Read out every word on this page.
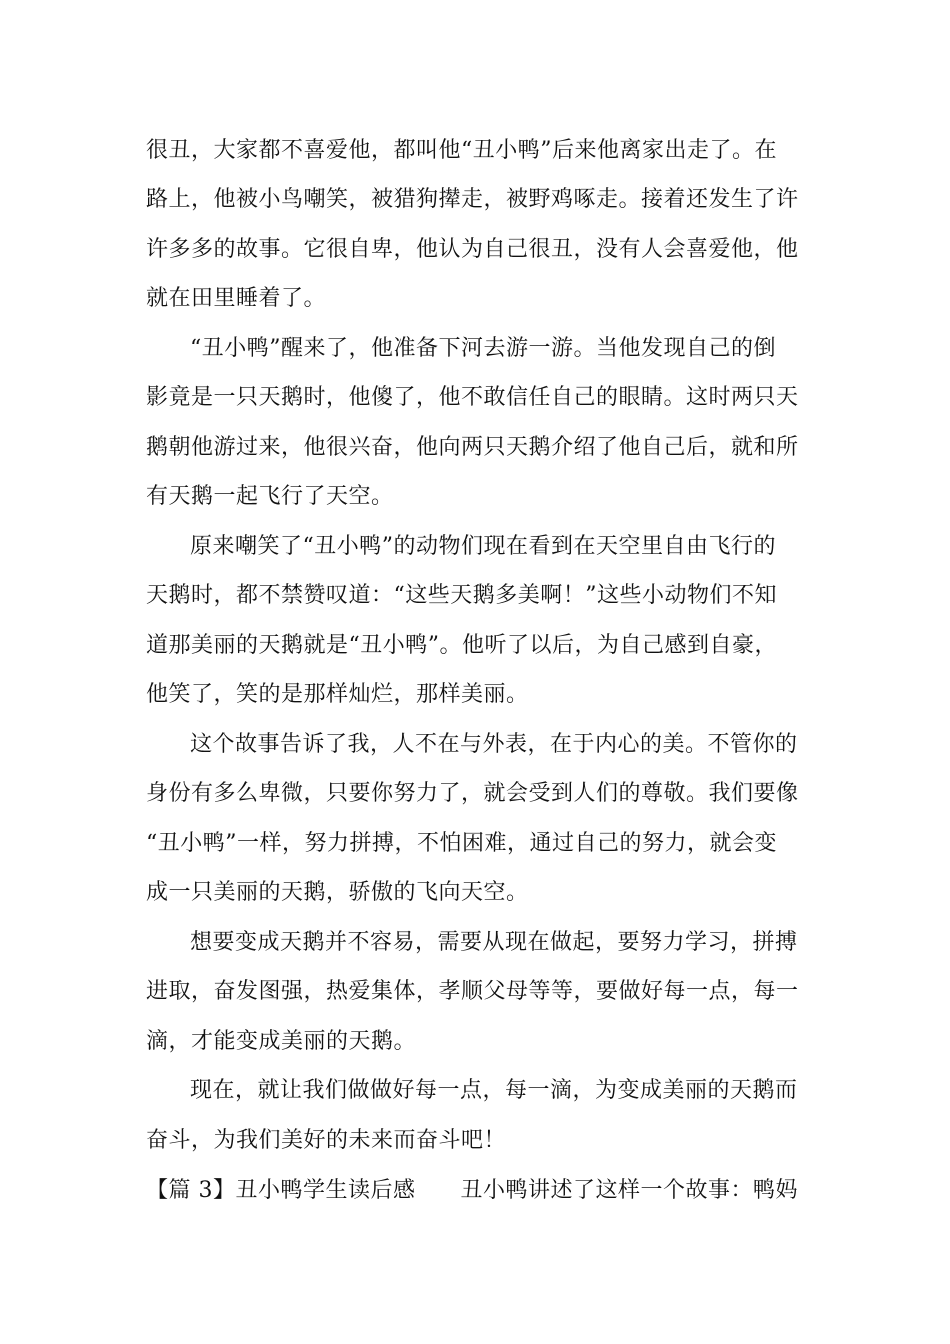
很丑，大家都不喜爱他，都叫他“丑小鸭”后来他离家出走了。在
路上，他被小鸟嘲笑，被猎狗撵走，被野鸡啄走。接着还发生了许
许多多的故事。它很自卑，他认为自己很丑，没有人会喜爱他，他
就在田里睡着了。
“丑小鸭”醒来了，他准备下河去游一游。当他发现自己的倒
影竟是一只天鹅时，他傻了，他不敢信任自己的眼睛。这时两只天
鹅朝他游过来，他很兴奋，他向两只天鹅介绍了他自己后，就和所
有天鹅一起飞行了天空。
原来嘲笑了“丑小鸭”的动物们现在看到在天空里自由飞行的
天鹅时，都不禁赞叹道：“这些天鹅多美啊！”这些小动物们不知
道那美丽的天鹅就是“丑小鸭”。他听了以后，为自己感到自豪，
他笑了，笑的是那样灿烂，那样美丽。
这个故事告诉了我，人不在与外表，在于内心的美。不管你的
身份有多么卑微，只要你努力了，就会受到人们的尊敬。我们要像
“丑小鸭”一样，努力拼搏，不怕困难，通过自己的努力，就会变
成一只美丽的天鹅，骄傲的飞向天空。
想要变成天鹅并不容易，需要从现在做起，要努力学习，拼搏
进取，奋发图强，热爱集体，孝顺父母等等，要做好每一点，每一
滴，才能变成美丽的天鹅。
现在，就让我们做做好每一点，每一滴，为变成美丽的天鹅而
奋斗，为我们美好的未来而奋斗吧！
【篇 3】丑小鸭学生读后感　　丑小鸭讲述了这样一个故事：鸭妈
